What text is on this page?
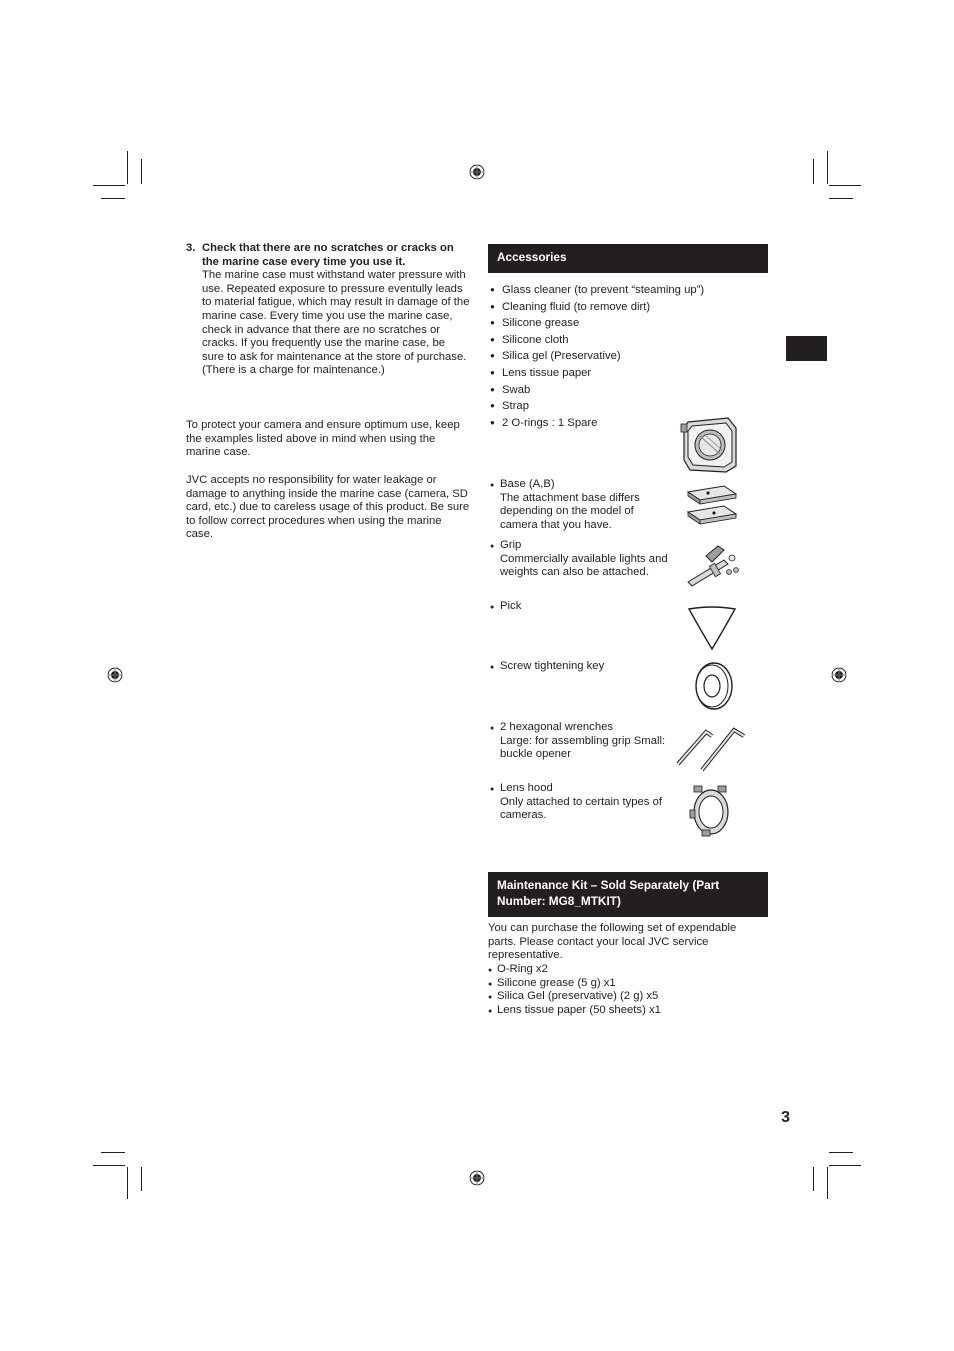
3. Check that there are no scratches or cracks on the marine case every time you use it.
The marine case must withstand water pressure with use. Repeated exposure to pressure eventully leads to material fatigue, which may result in damage of the marine case. Every time you use the marine case, check in advance that there are no scratches or cracks. If you frequently use the marine case, be sure to ask for maintenance at the store of purchase. (There is a charge for maintenance.)
To protect your camera and ensure optimum use, keep the examples listed above in mind when using the marine case.
JVC accepts no responsibility for water leakage or damage to anything inside the marine case (camera, SD card, etc.) due to careless usage of this product. Be sure to follow correct procedures when using the marine case.
Accessories
● Glass cleaner (to prevent “steaming up”)
● Cleaning fluid (to remove dirt)
● Silicone grease
● Silicone cloth
● Silica gel (Preservative)
● Lens tissue paper
● Swab
● Strap
● 2 O-rings : 1 Spare
● Base (A,B)
The attachment base differs depending on the model of camera that you have.
● Grip
Commercially available lights and weights can also be attached.
● Pick
● Screw tightening key
● 2 hexagonal wrenches
Large: for assembling grip Small: buckle opener
● Lens hood
Only attached to certain types of cameras.
Maintenance Kit – Sold Separately (Part Number: MG8_MTKIT)
You can purchase the following set of expendable parts. Please contact your local JVC service representative.
● O-Ring x2
● Silicone grease (5 g) x1
● Silica Gel (preservative) (2 g) x5
● Lens tissue paper (50 sheets) x1
3
